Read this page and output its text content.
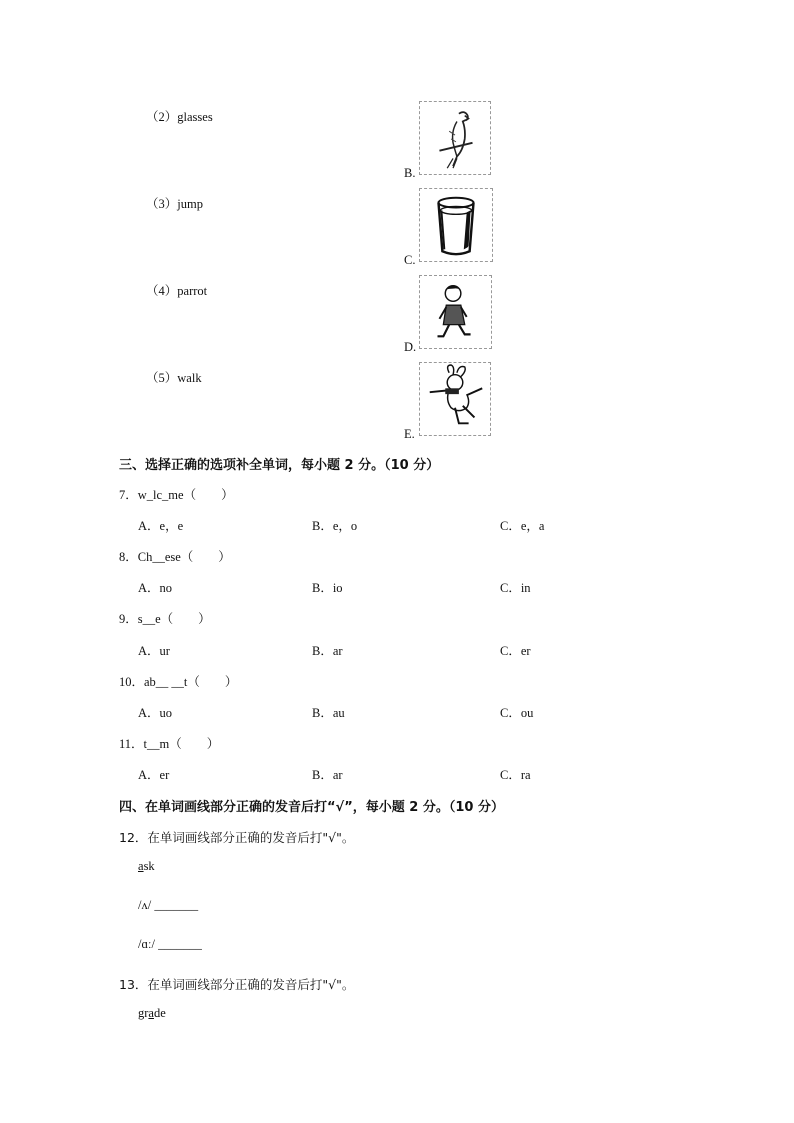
（2）glasses
（3）jump
（4）parrot
（5）walk
B.
C.
D.
E.
三、选择正确的选项补全单词，每小题 2 分。（10 分）
7．w_lc_me（　　）
A．e，e	B．e，o	C．e，a
8．Ch__ese（　　）
A．no	B．io	C．in
9．s__e（　　）
A．ur	B．ar	C．er
10．ab__ __t（　　）
A．uo	B．au	C．ou
11．t__m（　　）
A．er	B．ar	C．ra
四、在单词画线部分正确的发音后打“√”，每小题 2 分。（10 分）
12．在单词画线部分正确的发音后打"√"。
ask
/ʌ/ _______
/ɑː/ _______
13．在单词画线部分正确的发音后打"√"。
grade
